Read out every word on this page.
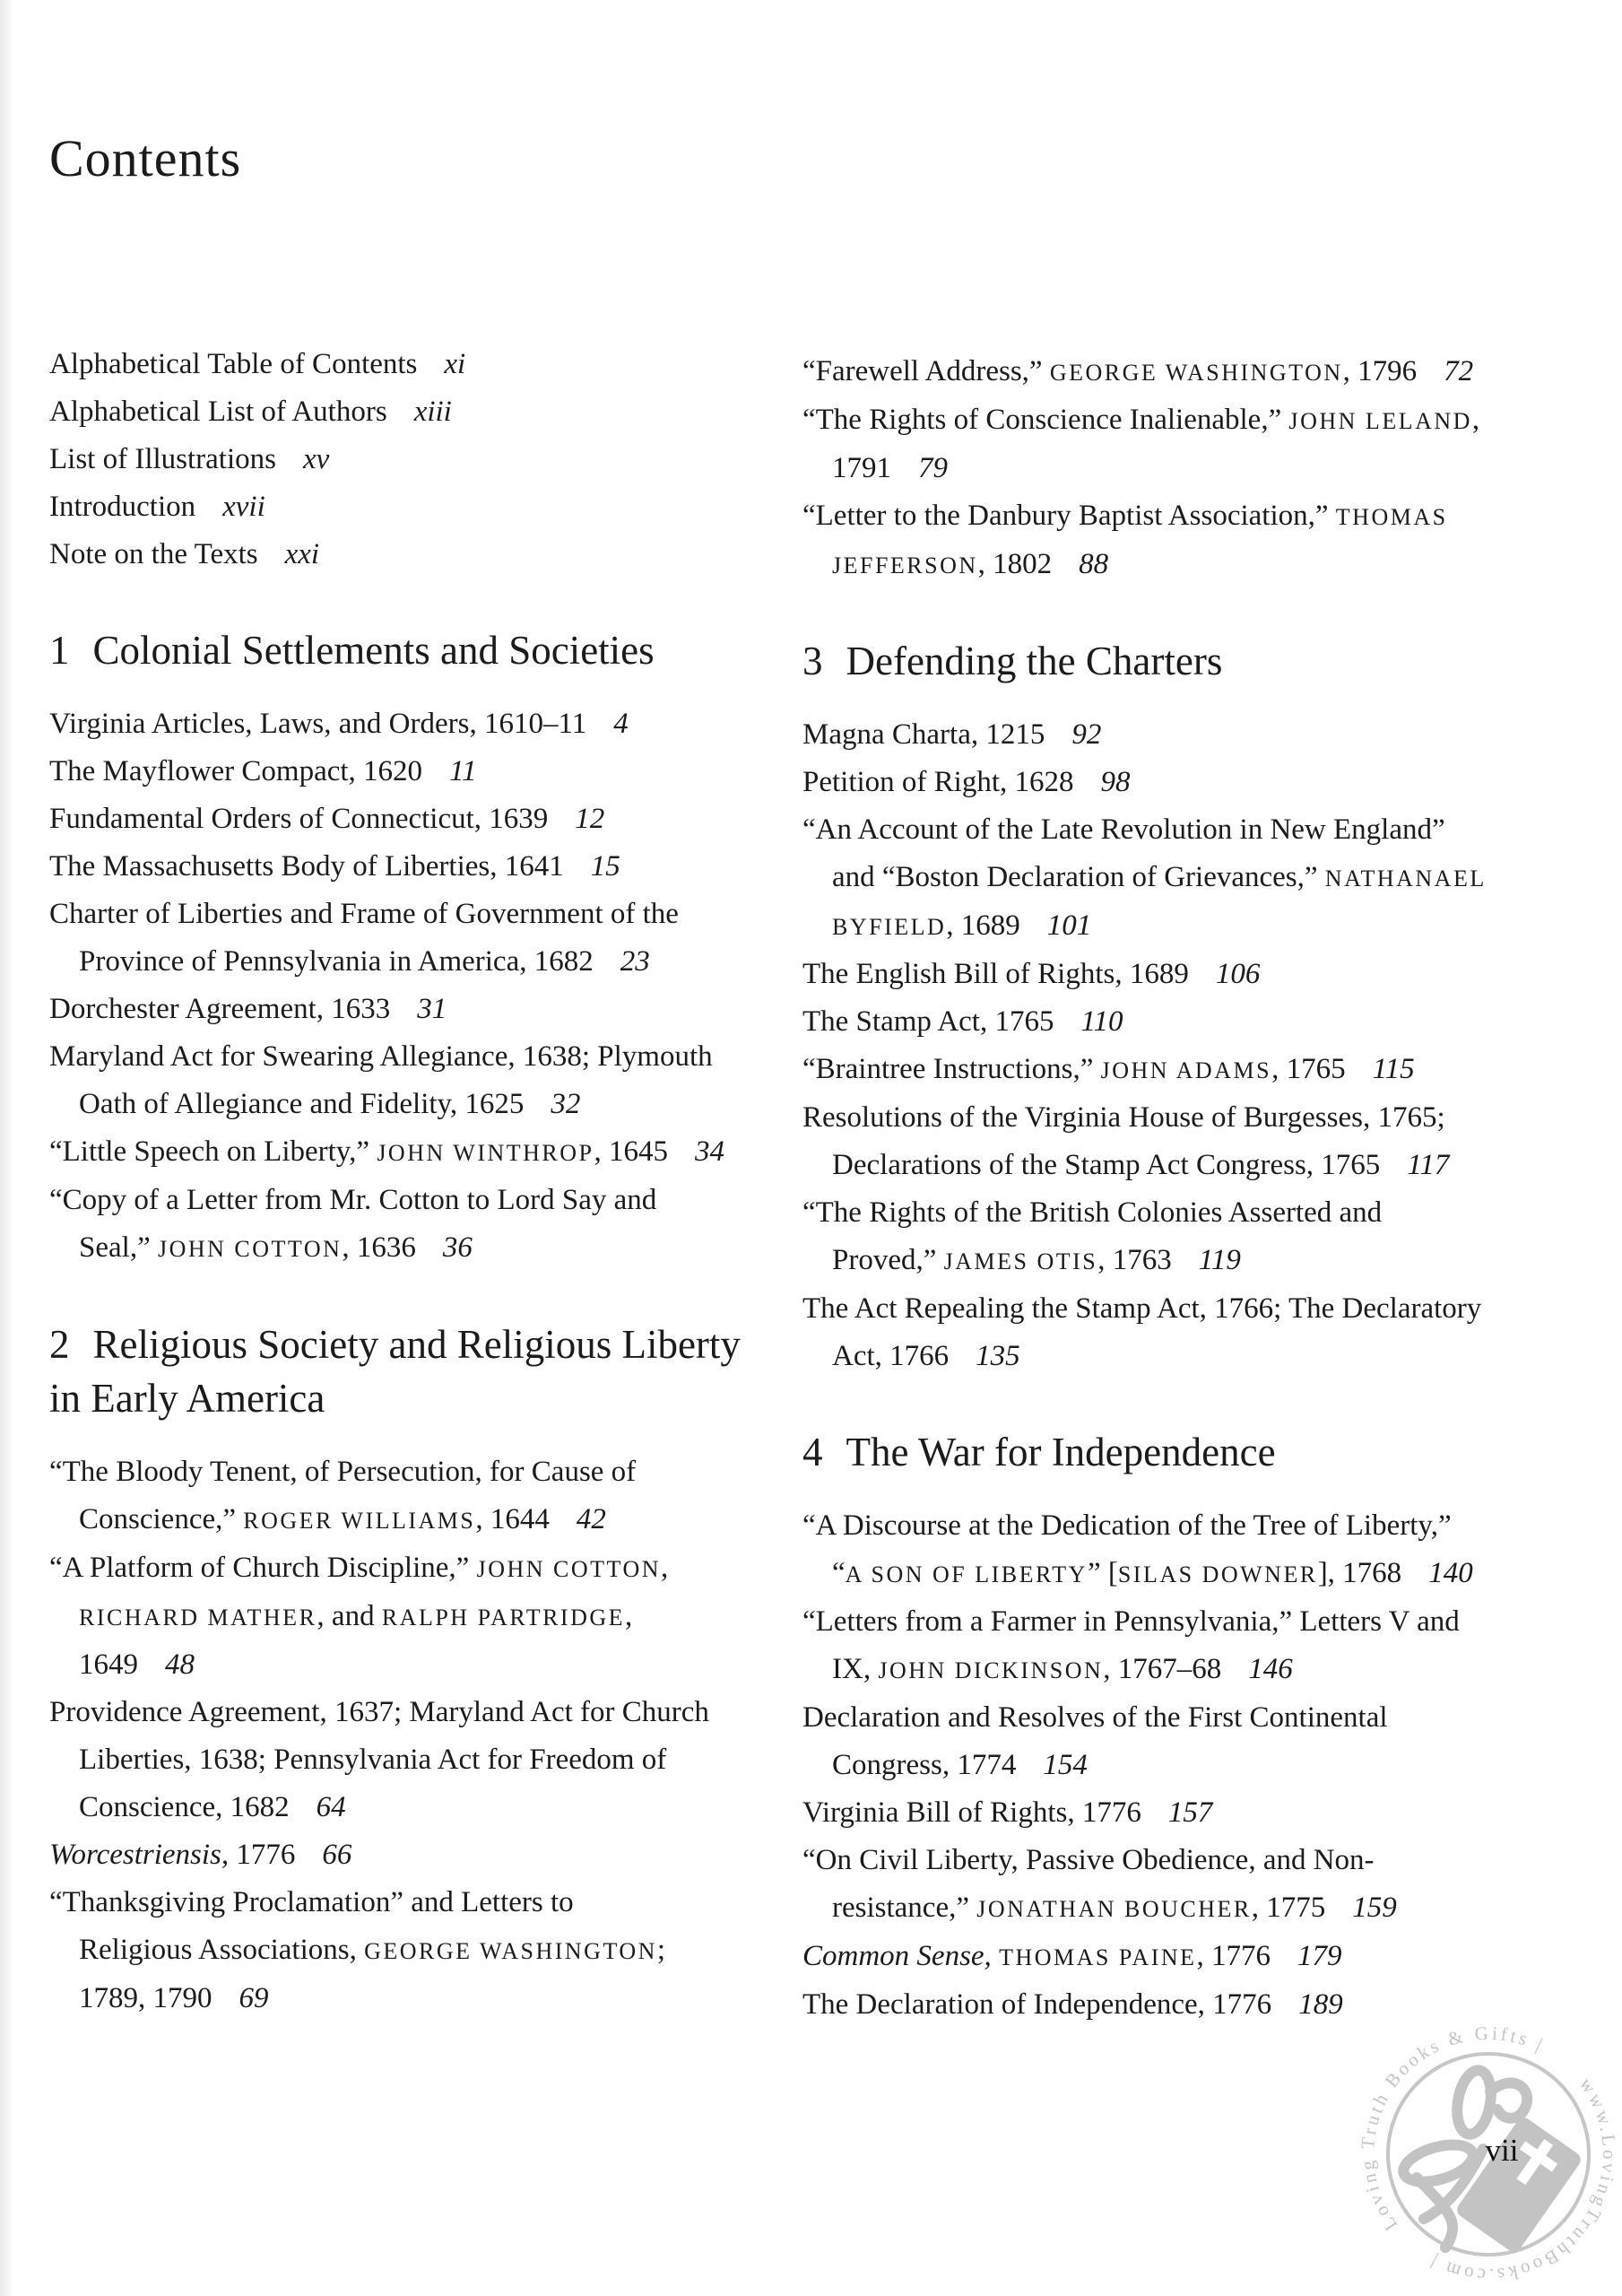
Contents
Alphabetical Table of Contents xi
Alphabetical List of Authors xiii
List of Illustrations xv
Introduction xvii
Note on the Texts xxi
1 Colonial Settlements and Societies
Virginia Articles, Laws, and Orders, 1610–11 4
The Mayflower Compact, 1620 11
Fundamental Orders of Connecticut, 1639 12
The Massachusetts Body of Liberties, 1641 15
Charter of Liberties and Frame of Government of the
Province of Pennsylvania in America, 1682 23
Dorchester Agreement, 1633 31
Maryland Act for Swearing Allegiance, 1638; Plymouth
Oath of Allegiance and Fidelity, 1625 32
“Little Speech on Liberty,” JOHN WINTHROP, 1645 34
“Copy of a Letter from Mr. Cotton to Lord Say and
Seal,” JOHN COTTON, 1636 36
2 Religious Society and Religious Liberty
in Early America
“The Bloody Tenent, of Persecution, for Cause of
Conscience,” ROGER WILLIAMS, 1644 42
“A Platform of Church Discipline,” JOHN COTTON,
RICHARD MATHER, and RALPH PARTRIDGE,
1649 48
Providence Agreement, 1637; Maryland Act for Church
Liberties, 1638; Pennsylvania Act for Freedom of
Conscience, 1682 64
Worcestriensis, 1776 66
“Thanksgiving Proclamation” and Letters to
Religious Associations, GEORGE WASHINGTON;
1789, 1790 69
“Farewell Address,” GEORGE WASHINGTON, 1796 72
“The Rights of Conscience Inalienable,” JOHN LELAND,
1791 79
“Letter to the Danbury Baptist Association,” THOMAS
JEFFERSON, 1802 88
3 Defending the Charters
Magna Charta, 1215 92
Petition of Right, 1628 98
“An Account of the Late Revolution in New England”
and “Boston Declaration of Grievances,” NATHANAEL
BYFIELD, 1689 101
The English Bill of Rights, 1689 106
The Stamp Act, 1765 110
“Braintree Instructions,” JOHN ADAMS, 1765 115
Resolutions of the Virginia House of Burgesses, 1765;
Declarations of the Stamp Act Congress, 1765 117
“The Rights of the British Colonies Asserted and
Proved,” JAMES OTIS, 1763 119
The Act Repealing the Stamp Act, 1766; The Declaratory
Act, 1766 135
4 The War for Independence
“A Discourse at the Dedication of the Tree of Liberty,”
“A SON OF LIBERTY” [SILAS DOWNER], 1768 140
“Letters from a Farmer in Pennsylvania,” Letters V and
IX, JOHN DICKINSON, 1767–68 146
Declaration and Resolves of the First Continental
Congress, 1774 154
Virginia Bill of Rights, 1776 157
“On Civil Liberty, Passive Obedience, and Non-
resistance,” JONATHAN BOUCHER, 1775 159
Common Sense, THOMAS PAINE, 1776 179
The Declaration of Independence, 1776 189
Loving Truth Books & Gifts |
www.LovingTruthBooks.com |
vii
